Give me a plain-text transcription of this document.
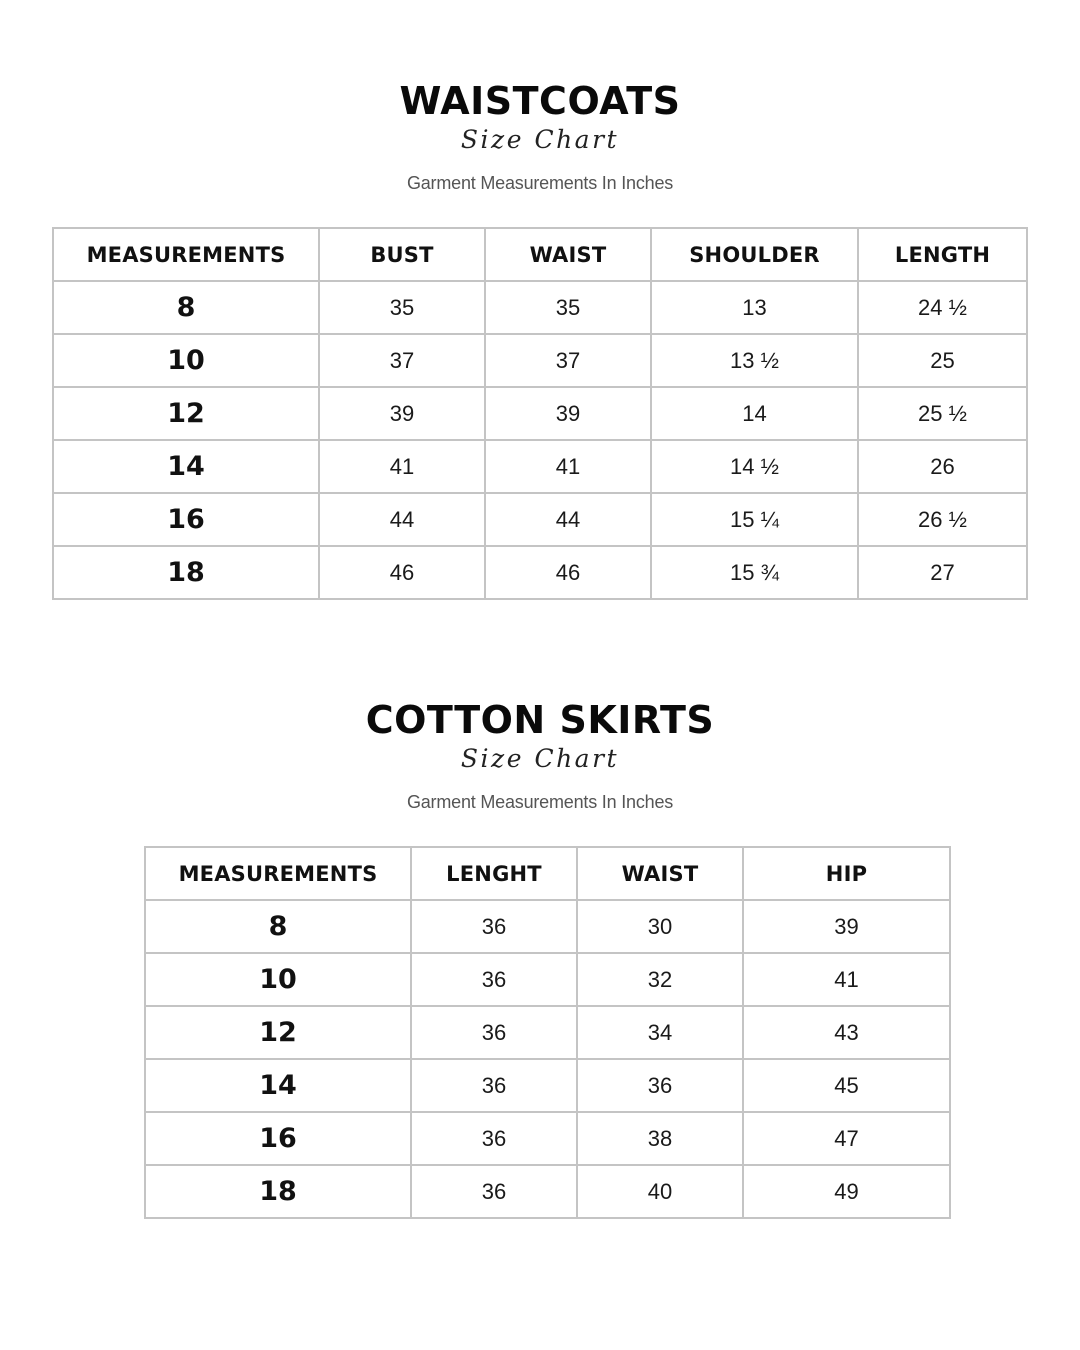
WAISTCOATS
Size Chart
Garment Measurements In Inches
MEASUREMENTS	BUST	WAIST	SHOULDER	LENGTH
8	35	35	13	24 ½
10	37	37	13 ½	25
12	39	39	14	25 ½
14	41	41	14 ½	26
16	44	44	15 ¼	26 ½
18	46	46	15 ¾	27
COTTON SKIRTS
Size Chart
Garment Measurements In Inches
MEASUREMENTS	LENGHT	WAIST	HIP
8	36	30	39
10	36	32	41
12	36	34	43
14	36	36	45
16	36	38	47
18	36	40	49
